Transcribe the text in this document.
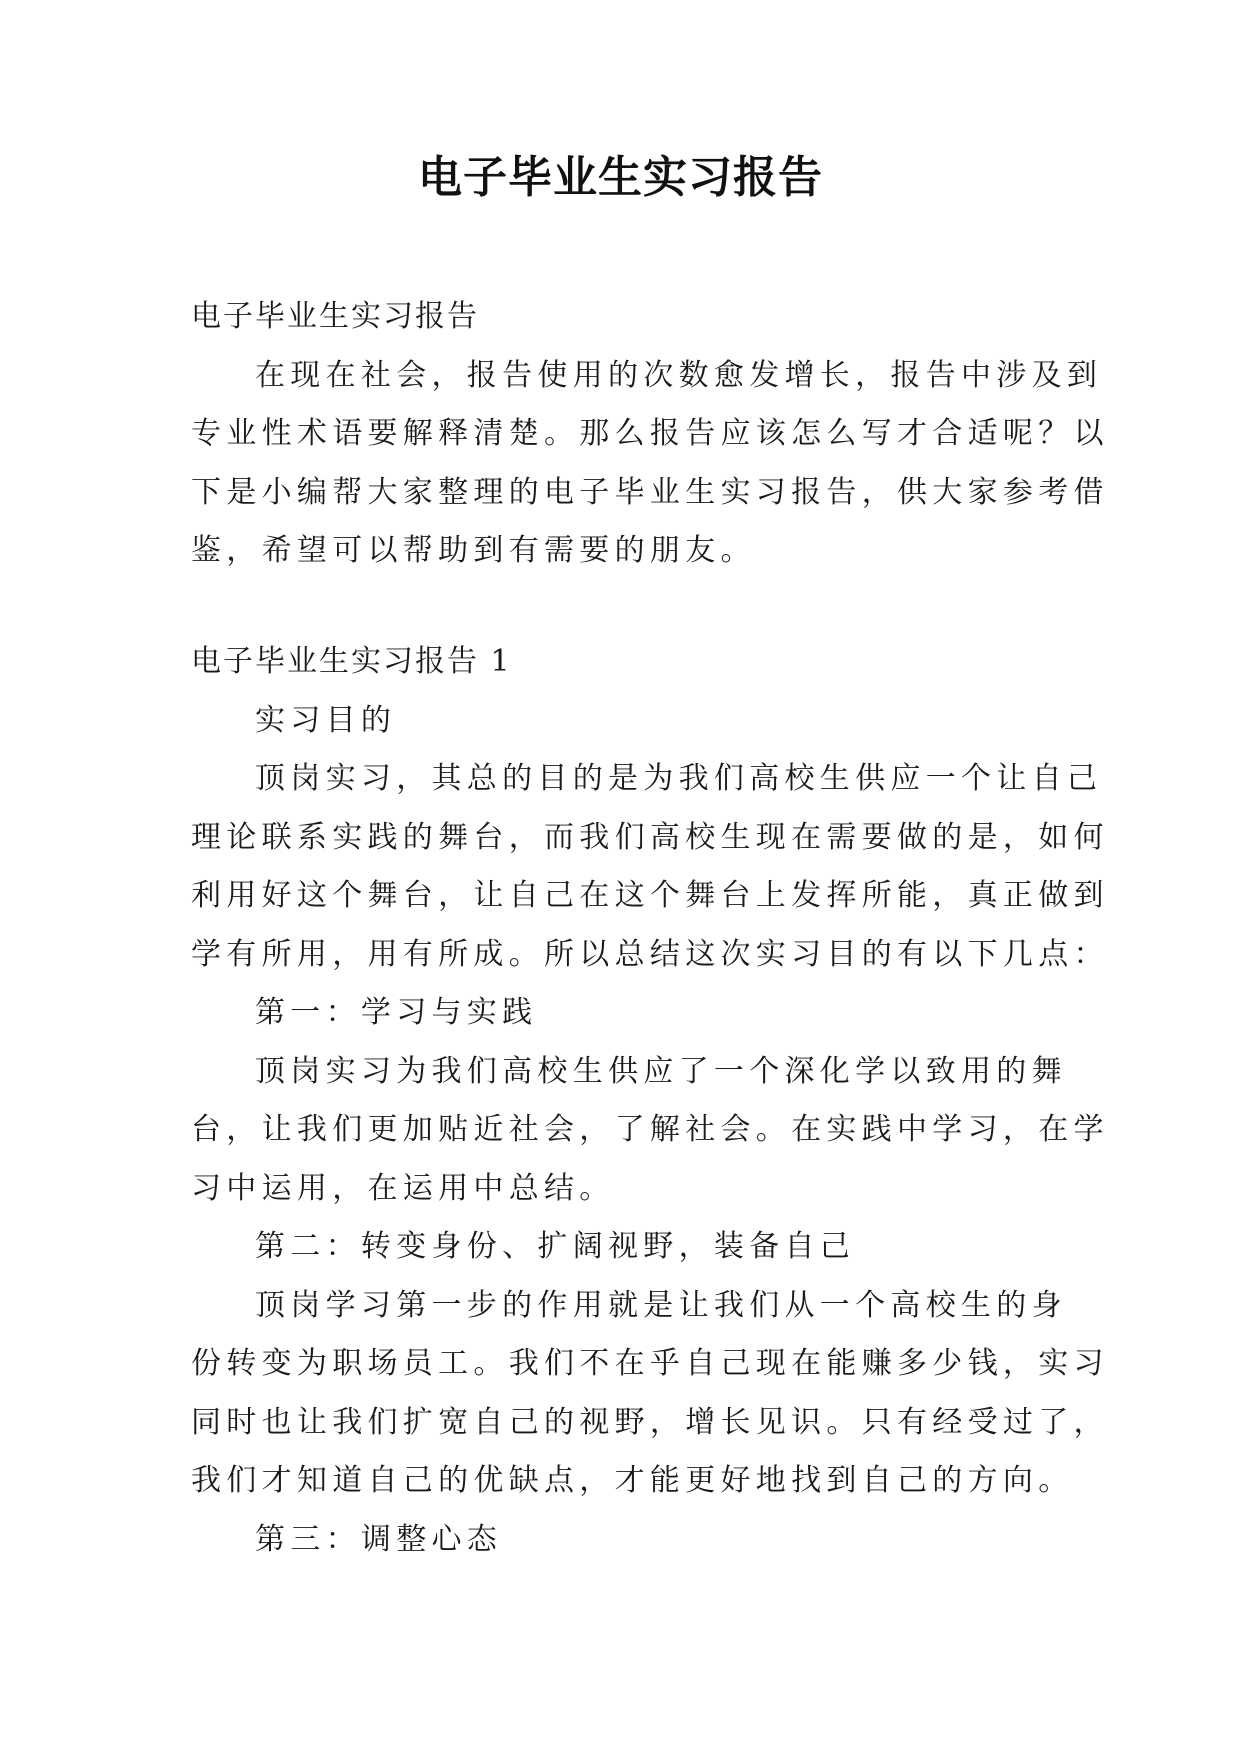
电子毕业生实习报告
电子毕业生实习报告
在现在社会，报告使用的次数愈发增长，报告中涉及到
专业性术语要解释清楚。那么报告应该怎么写才合适呢？以
下是小编帮大家整理的电子毕业生实习报告，供大家参考借
鉴，希望可以帮助到有需要的朋友。
电子毕业生实习报告 1
实习目的
顶岗实习，其总的目的是为我们高校生供应一个让自己
理论联系实践的舞台，而我们高校生现在需要做的是，如何
利用好这个舞台，让自己在这个舞台上发挥所能，真正做到
学有所用，用有所成。所以总结这次实习目的有以下几点：
第一：学习与实践
顶岗实习为我们高校生供应了一个深化学以致用的舞
台，让我们更加贴近社会，了解社会。在实践中学习，在学
习中运用，在运用中总结。
第二：转变身份、扩阔视野，装备自己
顶岗学习第一步的作用就是让我们从一个高校生的身
份转变为职场员工。我们不在乎自己现在能赚多少钱，实习
同时也让我们扩宽自己的视野，增长见识。只有经受过了，
我们才知道自己的优缺点，才能更好地找到自己的方向。
第三：调整心态
